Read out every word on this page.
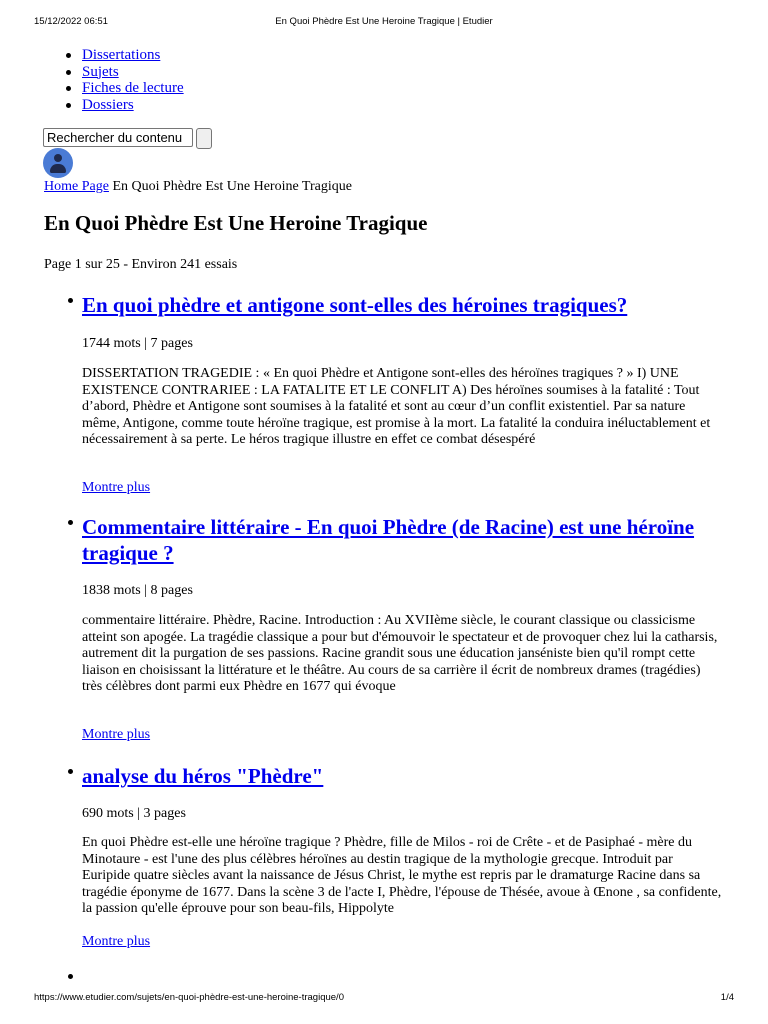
15/12/2022 06:51	En Quoi Phèdre Est Une Heroine Tragique | Etudier
Dissertations
Sujets
Fiches de lecture
Dossiers
Rechercher du contenu
Home Page En Quoi Phèdre Est Une Heroine Tragique
En Quoi Phèdre Est Une Heroine Tragique
Page 1 sur 25 - Environ 241 essais
En quoi phèdre et antigone sont-elles des héroines tragiques?
1744 mots | 7 pages

DISSERTATION TRAGEDIE : « En quoi Phèdre et Antigone sont-elles des héroïnes tragiques ? » I) UNE EXISTENCE CONTRARIEE : LA FATALITE ET LE CONFLIT A) Des héroïnes soumises à la fatalité : Tout d’abord, Phèdre et Antigone sont soumises à la fatalité et sont au cœur d’un conflit existentiel. Par sa nature même, Antigone, comme toute héroïne tragique, est promise à la mort. La fatalité la conduira inéluctablement et nécessairement à sa perte. Le héros tragique illustre en effet ce combat désespéré

Montre plus
Commentaire littéraire - En quoi Phèdre (de Racine) est une héroïne tragique ?
1838 mots | 8 pages

commentaire littéraire. Phèdre, Racine. Introduction : Au XVIIème siècle, le courant classique ou classicisme atteint son apogée. La tragédie classique a pour but d'émouvoir le spectateur et de provoquer chez lui la catharsis, autrement dit la purgation de ses passions. Racine grandit sous une éducation janséniste bien qu'il rompt cette liaison en choisissant la littérature et le théâtre. Au cours de sa carrière il écrit de nombreux drames (tragédies) très célèbres dont parmi eux Phèdre en 1677 qui évoque

Montre plus
analyse du héros "Phèdre"
690 mots | 3 pages

En quoi Phèdre est-elle une héroïne tragique ? Phèdre, fille de Milos - roi de Crête - et de Pasiphaé - mère du Minotaure - est l'une des plus célèbres héroïnes au destin tragique de la mythologie grecque. Introduit par Euripide quatre siècles avant la naissance de Jésus Christ, le mythe est repris par le dramaturge Racine dans sa tragédie éponyme de 1677. Dans la scène 3 de l'acte I, Phèdre, l'épouse de Thésée, avoue à Œnone , sa confidente, la passion qu'elle éprouve pour son beau-fils, Hippolyte

Montre plus
https://www.etudier.com/sujets/en-quoi-phèdre-est-une-heroine-tragique/0	1/4
